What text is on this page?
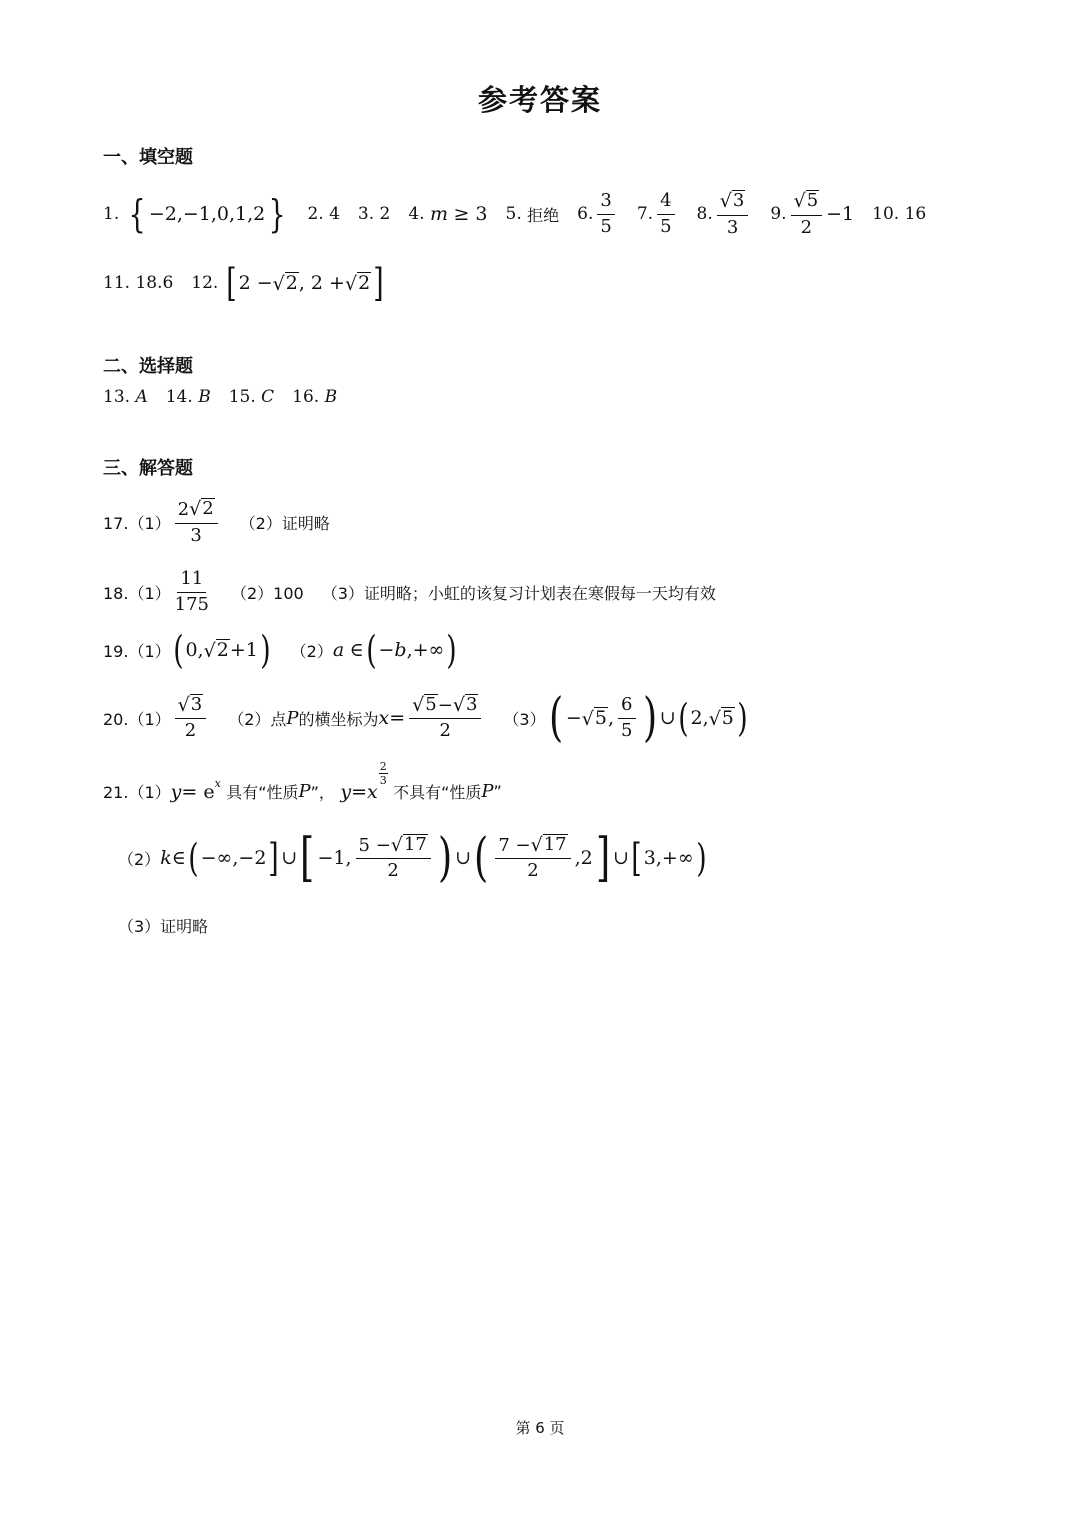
参考答案
一、填空题
1.
{ −2,−1,0,1,2 } 2. 4 3. 2 4.
m
≥ 3 5.
拒绝 6. $\frac{3}{5} 7$. $\frac{4}{5} 8$. $\frac{√ 3}{3} 9$. $\frac{√ 5}{2} -1$ 10. 16
11. 18.6 12.
[ 2 − √ 2 , 2 + √ 2 ]
二、选择题
13.
A 14.
B 15.
C 16.
B
三、解答题
$17.(1) \frac{2 √ 2}{3} (2)$证明略
$18.(1) \frac{11}{175} (2)100$ （3）证明略；小虹的该复习计划表在寒假每一天均有效
19.（1） ( 0, √ 2 +1 ) （2） a
∈ ( −b ,+∞ )
$20.(1) \frac{√ 3}{2} (2)$点 P 的横坐标为 $x = \frac{√ 5 - √ 3}{2} (3)$ ( − √ 5 , $\frac{6}{5}$ ) ∪ ( 2, √ 5 )
21.（1） y = e x
具有“性质 P ”，
y = x
$\frac{2}{3}$

不具有“性质 P ”
（2） k ∈ ( −∞,−2 ] ∪ [ −1, $\frac{5 - √ 17}{2}$ ) ∪ ( $\frac{7 - √ 17}{2} ,2$ ] ∪ [ 3,+∞ )
（3）证明略
第 6 页
